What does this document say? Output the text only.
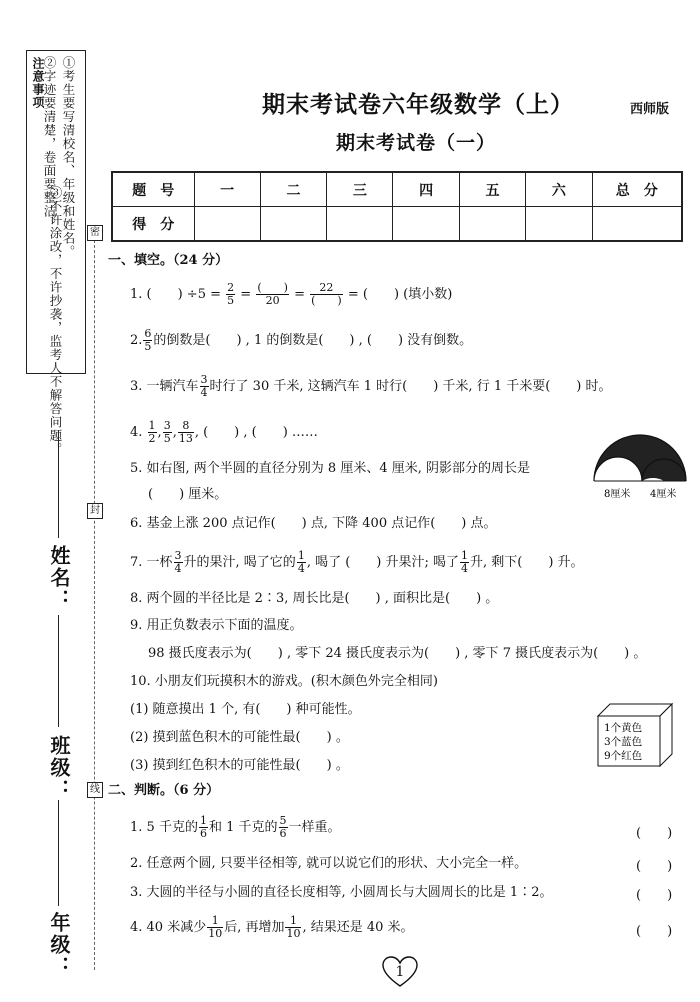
注意事项 ①考生要写清校名、年级和姓名。
②字迹要清楚，卷面要整洁。
③不许涂改，不许抄袭，监考人不解答问题。
姓名：
班级：
年级：
密
封
线
期末考试卷六年级数学（上）	西师版
期末考试卷（一）
题　号	一	二	三	四	五	六	总　分
得　分							
一、填空。（24 分）
1. (　　) $\div 5 = \frac{2}{5} = \frac{( )}{20} = \frac{22}{( )}$ = (　　) (填小数)
2. $\frac{6}{5}$ 的倒数是(　　) , 1 的倒数是(　　) , (　　) 没有倒数。
3. 一辆汽车 $\frac{3}{4}$ 时行了 30 千米, 这辆汽车 1 时行(　　) 千米, 行 1 千米要(　　) 时。
4. $\frac{1}{2}$ , $\frac{3}{5}$ , $\frac{8}{13}$ , (　　) , (　　) ……
5. 如右图, 两个半圆的直径分别为 8 厘米、4 厘米, 阴影部分的周长是
(　　) 厘米。	8厘米 4厘米
6. 基金上涨 200 点记作(　　) 点, 下降 400 点记作(　　) 点。
7. 一杯 $\frac{3}{4}$ 升的果汁, 喝了它的 $\frac{1}{4}$ , 喝了 (　　) 升果汁; 喝了 $\frac{1}{4}$ 升, 剩下(　　) 升。
8. 两个圆的半径比是 2∶3, 周长比是(　　) , 面积比是(　　) 。
9. 用正负数表示下面的温度。
98 摄氏度表示为(　　) , 零下 24 摄氏度表示为(　　) , 零下 7 摄氏度表示为(　　) 。
10. 小朋友们玩摸积木的游戏。(积木颜色外完全相同)
(1) 随意摸出 1 个, 有(　　) 种可能性。
(2) 摸到蓝色积木的可能性最(　　) 。
(3) 摸到红色积木的可能性最(　　) 。
1个黄色
3个蓝色
9个红色
二、判断。（6 分）
1. 5 千克的 $\frac{1}{6}$ 和 1 千克的 $\frac{5}{6}$ 一样重。	(　　)
2. 任意两个圆, 只要半径相等, 就可以说它们的形状、大小完全一样。	(　　)
3. 大圆的半径与小圆的直径长度相等, 小圆周长与大圆周长的比是 1∶2。	(　　)
4. 40 米减少 $\frac{1}{10}$ 后, 再增加 $\frac{1}{10}$ , 结果还是 40 米。	(　　)
1
